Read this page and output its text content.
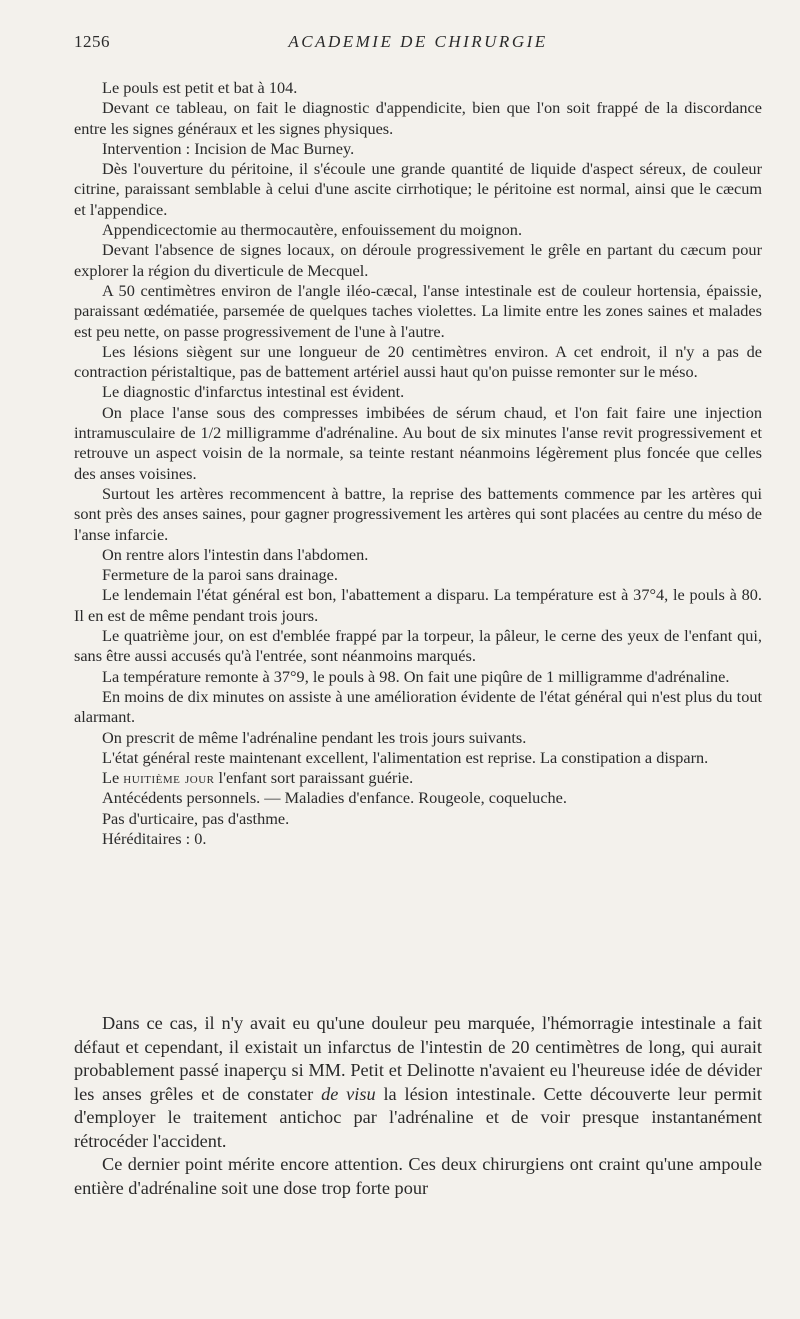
1256	ACADEMIE DE CHIRURGIE

Le pouls est petit et bat à 104.

Devant ce tableau, on fait le diagnostic d'appendicite, bien que l'on soit frappé de la discordance entre les signes généraux et les signes physiques.

Intervention : Incision de Mac Burney.

Dès l'ouverture du péritoine, il s'écoule une grande quantité de liquide d'aspect séreux, de couleur citrine, paraissant semblable à celui d'une ascite cirrhotique; le péritoine est normal, ainsi que le cæcum et l'appendice.

Appendicectomie au thermocautère, enfouissement du moignon.

Devant l'absence de signes locaux, on déroule progressivement le grêle en partant du cæcum pour explorer la région du diverticule de Mecquel.

A 50 centimètres environ de l'angle iléo-cæcal, l'anse intestinale est de couleur hortensia, épaissie, paraissant œdématiée, parsemée de quelques taches violettes. La limite entre les zones saines et malades est peu nette, on passe progressivement de l'une à l'autre.

Les lésions siègent sur une longueur de 20 centimètres environ. A cet endroit, il n'y a pas de contraction péristaltique, pas de battement artériel aussi haut qu'on puisse remonter sur le méso.

Le diagnostic d'infarctus intestinal est évident.

On place l'anse sous des compresses imbibées de sérum chaud, et l'on fait faire une injection intramusculaire de 1/2 milligramme d'adrénaline. Au bout de six minutes l'anse revit progressivement et retrouve un aspect voisin de la normale, sa teinte restant néanmoins légèrement plus foncée que celles des anses voisines.

Surtout les artères recommencent à battre, la reprise des battements commence par les artères qui sont près des anses saines, pour gagner progressivement les artères qui sont placées au centre du méso de l'anse infarcie.

On rentre alors l'intestin dans l'abdomen.

Fermeture de la paroi sans drainage.

Le lendemain l'état général est bon, l'abattement a disparu. La température est à 37°4, le pouls à 80. Il en est de même pendant trois jours.

Le quatrième jour, on est d'emblée frappé par la torpeur, la pâleur, le cerne des yeux de l'enfant qui, sans être aussi accusés qu'à l'entrée, sont néanmoins marqués.

La température remonte à 37°9, le pouls à 98. On fait une piqûre de 1 milligramme d'adrénaline.

En moins de dix minutes on assiste à une amélioration évidente de l'état général qui n'est plus du tout alarmant.

On prescrit de même l'adrénaline pendant les trois jours suivants.

L'état général reste maintenant excellent, l'alimentation est reprise. La constipation a disparn.

Le huitième jour l'enfant sort paraissant guérie.

Antécédents personnels. — Maladies d'enfance. Rougeole, coqueluche.

Pas d'urticaire, pas d'asthme.

Héréditaires : 0.

Dans ce cas, il n'y avait eu qu'une douleur peu marquée, l'hémorragie intestinale a fait défaut et cependant, il existait un infarctus de l'intestin de 20 centimètres de long, qui aurait probablement passé inaperçu si MM. Petit et Delinotte n'avaient eu l'heureuse idée de dévider les anses grêles et de constater de visu la lésion intestinale. Cette découverte leur permit d'employer le traitement antichoc par l'adrénaline et de voir presque instantanément rétrocéder l'accident.

Ce dernier point mérite encore attention. Ces deux chirurgiens ont craint qu'une ampoule entière d'adrénaline soit une dose trop forte pour
